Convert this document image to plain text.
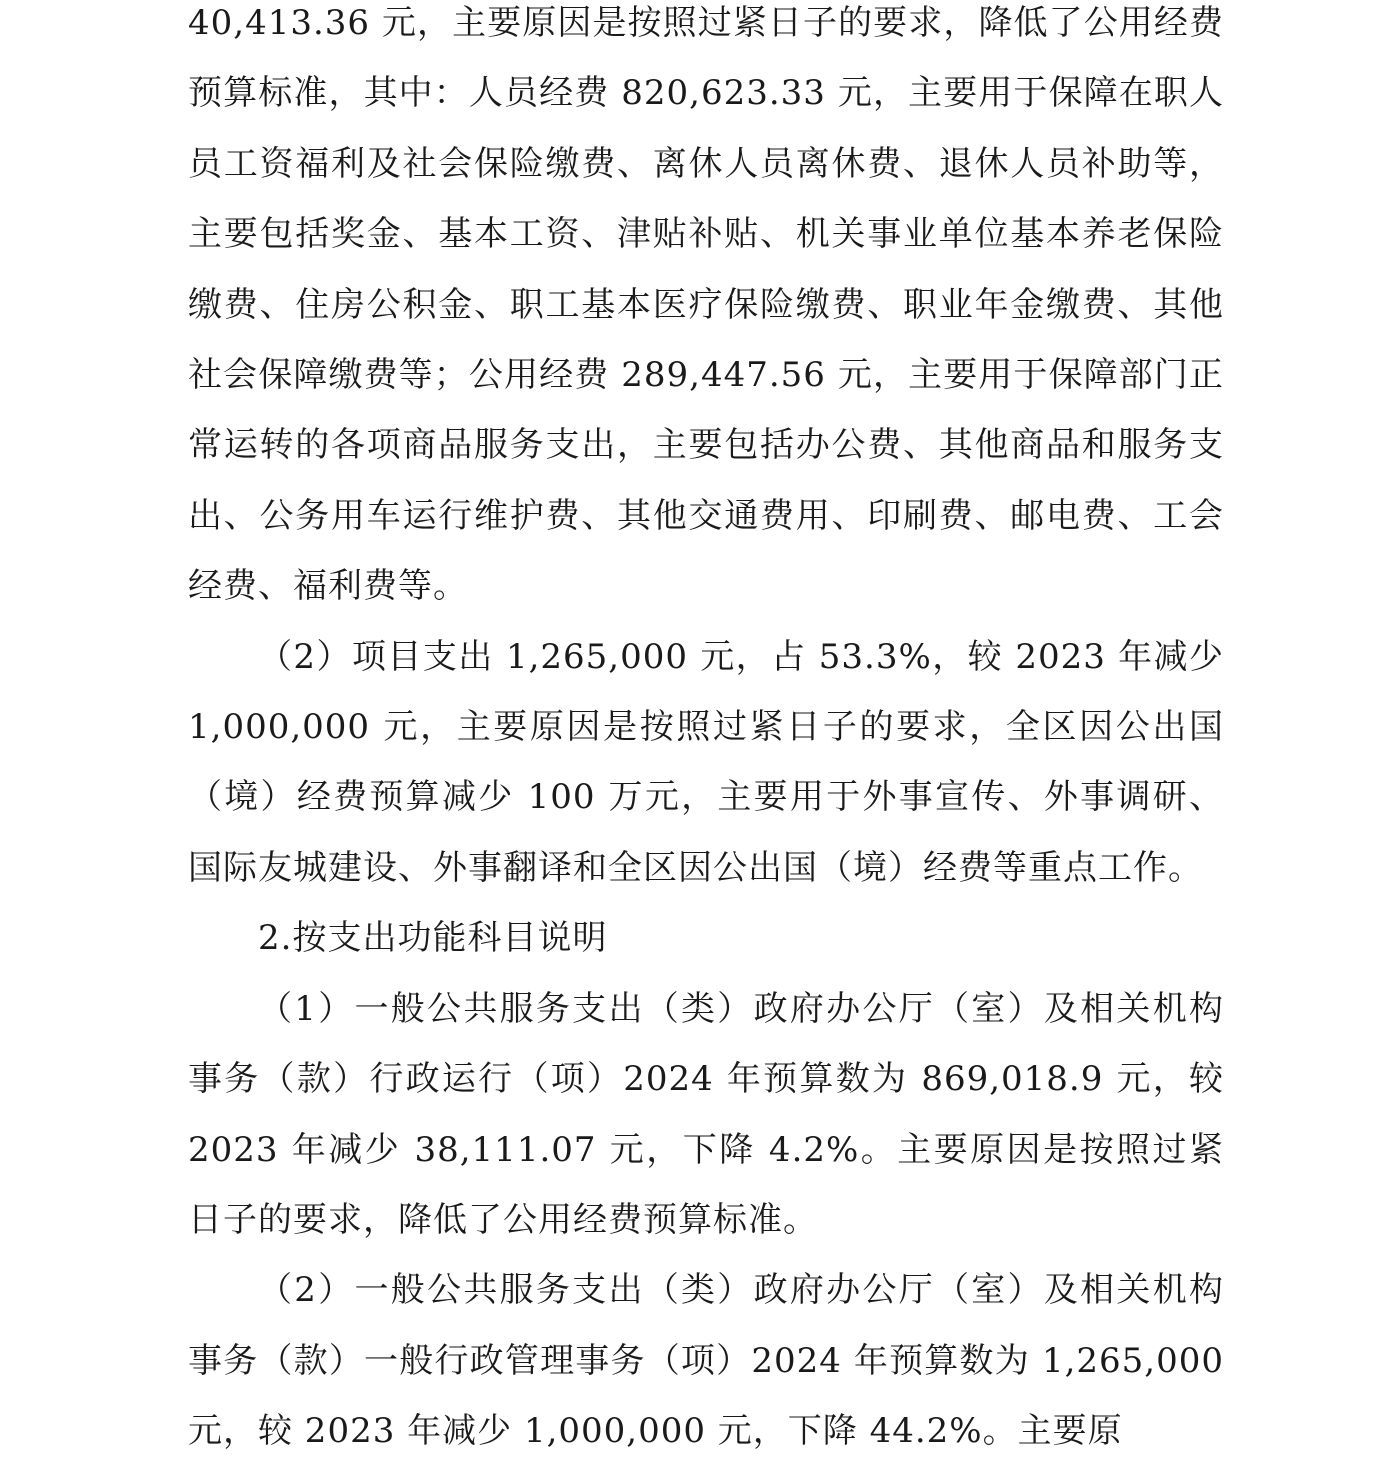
40,413.36 元，主要原因是按照过紧日子的要求，降低了公用经费预算标准，其中：人员经费 820,623.33 元，主要用于保障在职人员工资福利及社会保险缴费、离休人员离休费、退休人员补助等，主要包括奖金、基本工资、津贴补贴、机关事业单位基本养老保险缴费、住房公积金、职工基本医疗保险缴费、职业年金缴费、其他社会保障缴费等；公用经费 289,447.56 元，主要用于保障部门正常运转的各项商品服务支出，主要包括办公费、其他商品和服务支出、公务用车运行维护费、其他交通费用、印刷费、邮电费、工会经费、福利费等。

（2）项目支出 1,265,000 元，占 53.3%，较 2023 年减少 1,000,000 元，主要原因是按照过紧日子的要求，全区因公出国（境）经费预算减少 100 万元，主要用于外事宣传、外事调研、国际友城建设、外事翻译和全区因公出国（境）经费等重点工作。

2.按支出功能科目说明

（1）一般公共服务支出（类）政府办公厅（室）及相关机构事务（款）行政运行（项）2024 年预算数为 869,018.9 元，较 2023 年减少 38,111.07 元，下降 4.2%。主要原因是按照过紧日子的要求，降低了公用经费预算标准。

（2）一般公共服务支出（类）政府办公厅（室）及相关机构事务（款）一般行政管理事务（项）2024 年预算数为 1,265,000 元，较 2023 年减少 1,000,000 元，下降 44.2%。主要原
